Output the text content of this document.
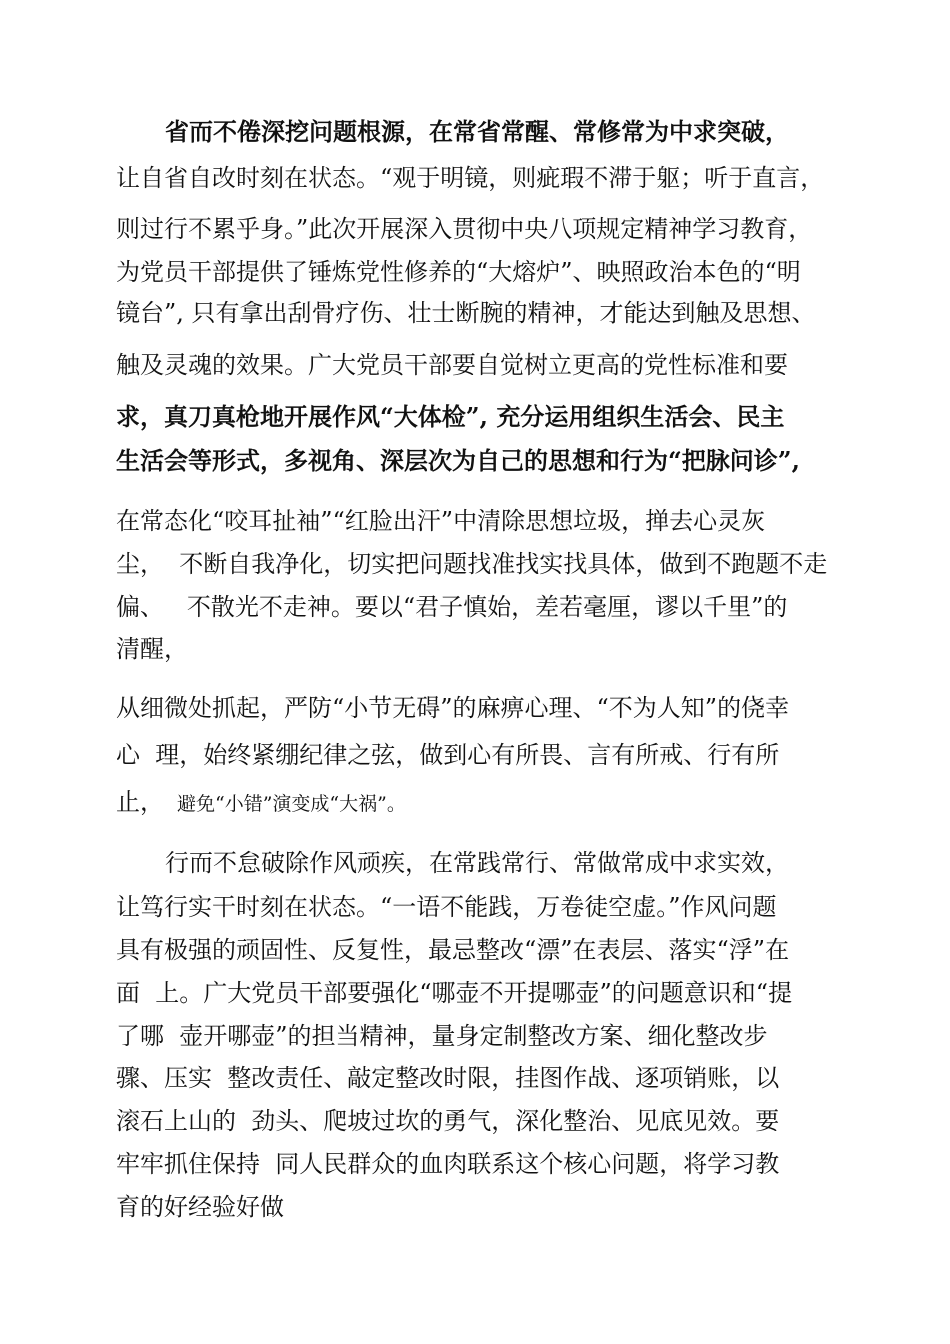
省而不倦深挖问题根源，在常省常醒、常修常为中求突破，

让自省自改时刻在状态。“观于明镜，则疵瑕不滞于躯；听于直言，

则过行不累乎身。”此次开展深入贯彻中央八项规定精神学习教育，

为党员干部提供了锤炼党性修养的“大熔炉”、映照政治本色的“明

镜台”, 只有拿出刮骨疗伤、壮士断腕的精神，才能达到触及思想、

触及灵魂的效果。广大党员干部要自觉树立更高的党性标准和要

求，真刀真枪地开展作风“大体检”, 充分运用组织生活会、民主

生活会等形式，多视角、深层次为自己的思想和行为“把脉问诊”,

在常态化“咬耳扯袖”“红脸出汗”中清除思想垃圾，掸去心灵灰

尘，  不断自我净化，切实把问题找准找实找具体，做到不跑题不走

偏、   不散光不走神。要以“君子慎始，差若毫厘，谬以千里”的

清醒，

从细微处抓起，严防“小节无碍”的麻痹心理、“不为人知”的侥幸

心  理，始终紧绷纪律之弦，做到心有所畏、言有所戒、行有所

止， 避免“小错”演变成“大祸”。

行而不怠破除作风顽疾，在常践常行、常做常成中求实效，

让笃行实干时刻在状态。“一语不能践，万卷徒空虚。”作风问题

具有极强的顽固性、反复性，最忌整改“漂”在表层、落实“浮”在

面  上。广大党员干部要强化“哪壶不开提哪壶”的问题意识和“提

了哪  壶开哪壶”的担当精神，量身定制整改方案、细化整改步

骤、压实  整改责任、敲定整改时限，挂图作战、逐项销账，以

滚石上山的  劲头、爬坡过坎的勇气，深化整治、见底见效。要

牢牢抓住保持  同人民群众的血肉联系这个核心问题，将学习教

育的好经验好做
